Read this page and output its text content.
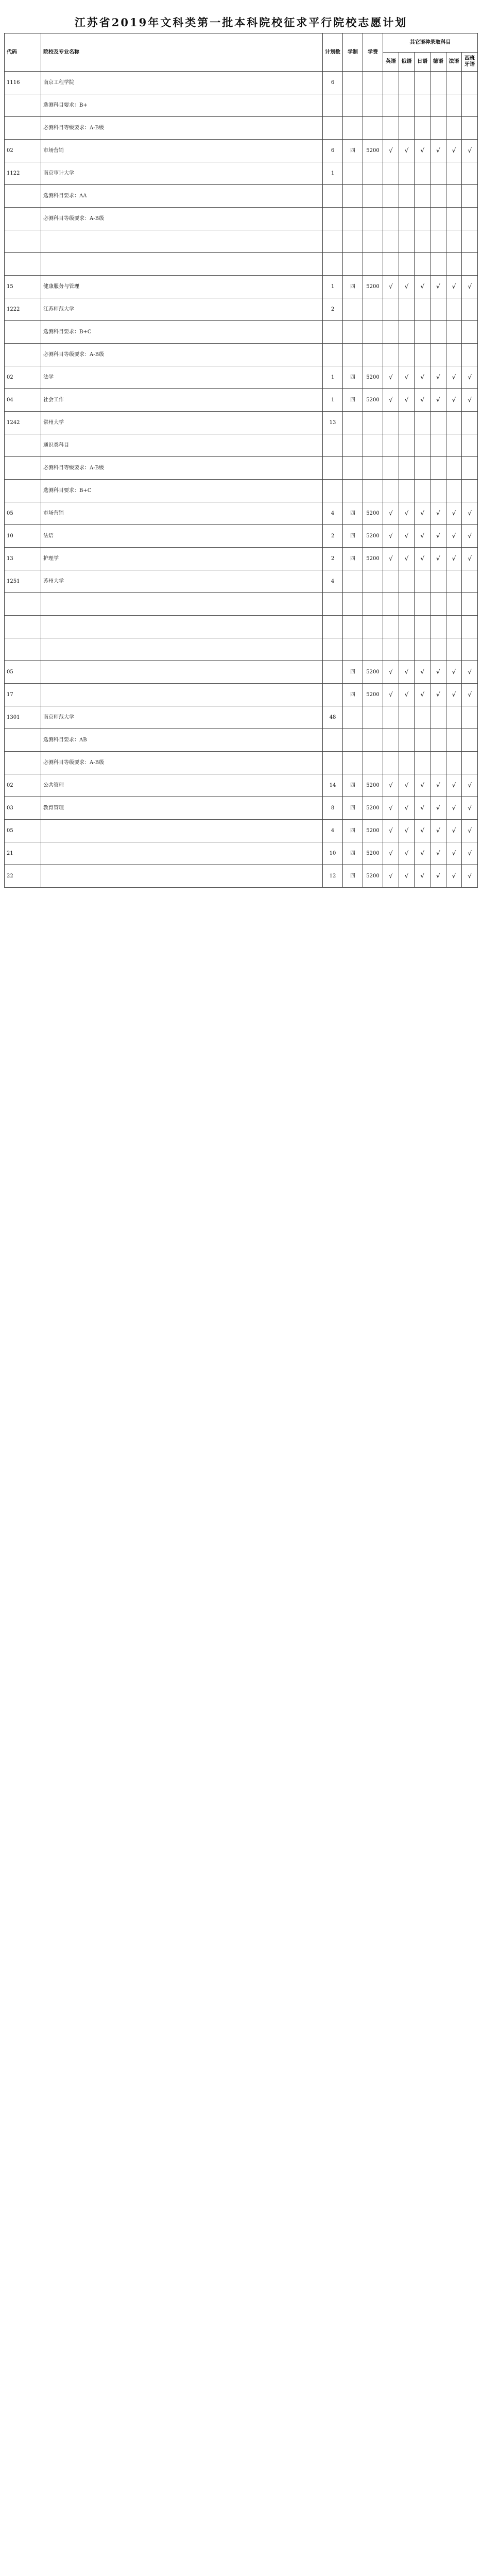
江苏省2019年文科类第一批本科院校征求平行院校志愿计划
代码	院校及专业名称	计划数	学制	学费	其它语种录取科目					
					英语	俄语	日语	德语	法语	西班牙语
1116	南京工程学院	6								
	选测科目要求：B+									
	必测科目等级要求：A-B级									
02	市场营销	6	四	5200	√	√	√	√	√	√
1122	南京审计大学	1								
	选测科目要求：AA									
	必测科目等级要求：A-B级									

15	健康服务与管理	1	四	5200	√	√	√	√	√	√
1222	江苏师范大学	2								
	选测科目要求：B+C									
	必测科目等级要求：A-B级									
02	法学	1	四	5200	√	√	√	√	√	√
04	社会工作	1	四	5200	√	√	√	√	√	√
1242	常州大学	13								
	通识类科目									
	必测科目等级要求：A-B级									
	选测科目要求：B+C									
05	市场营销	4	四	5200	√	√	√	√	√	√
10	法语	2	四	5200	√	√	√	√	√	√
13	护理学	2	四	5200	√	√	√	√	√	√
1251	苏州大学	4								

05			四	5200	√	√	√	√	√	√
17			四	5200	√	√	√	√	√	√
1301	南京师范大学	48								
	选测科目要求：AB									
	必测科目等级要求：A-B级									
02	公共管理	14	四	5200	√	√	√	√	√	√
03	教育管理	8	四	5200	√	√	√	√	√	√
05		4	四	5200	√	√	√	√	√	√
21		10	四	5200	√	√	√	√	√	√
22		12	四	5200	√	√	√	√	√	√
